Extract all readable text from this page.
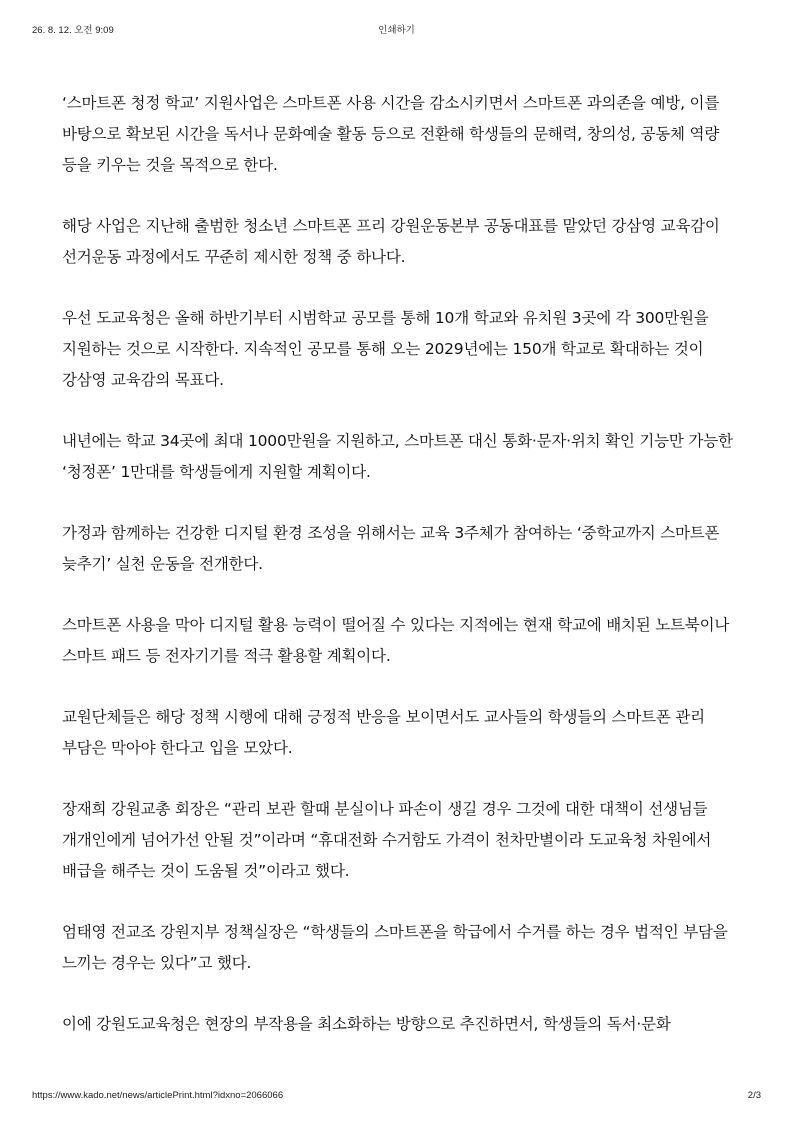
26. 8. 12. 오전 9:09	인쇄하기

‘스마트폰 청정 학교’ 지원사업은 스마트폰 사용 시간을 감소시키면서 스마트폰 과의존을 예방, 이를 바탕으로 확보된 시간을 독서나 문화예술 활동 등으로 전환해 학생들의 문해력, 창의성, 공동체 역량 등을 키우는 것을 목적으로 한다.

해당 사업은 지난해 출범한 청소년 스마트폰 프리 강원운동본부 공동대표를 맡았던 강삼영 교육감이 선거운동 과정에서도 꾸준히 제시한 정책 중 하나다.

우선 도교육청은 올해 하반기부터 시범학교 공모를 통해 10개 학교와 유치원 3곳에 각 300만원을 지원하는 것으로 시작한다. 지속적인 공모를 통해 오는 2029년에는 150개 학교로 확대하는 것이 강삼영 교육감의 목표다.

내년에는 학교 34곳에 최대 1000만원을 지원하고, 스마트폰 대신 통화·문자·위치 확인 기능만 가능한 ‘청정폰’ 1만대를 학생들에게 지원할 계획이다.

가정과 함께하는 건강한 디지털 환경 조성을 위해서는 교육 3주체가 참여하는 ‘중학교까지 스마트폰 늦추기’ 실천 운동을 전개한다.

스마트폰 사용을 막아 디지털 활용 능력이 떨어질 수 있다는 지적에는 현재 학교에 배치된 노트북이나 스마트 패드 등 전자기기를 적극 활용할 계획이다.

교원단체들은 해당 정책 시행에 대해 긍정적 반응을 보이면서도 교사들의 학생들의 스마트폰 관리 부담은 막아야 한다고 입을 모았다.

장재희 강원교총 회장은 “관리 보관 할때 분실이나 파손이 생길 경우 그것에 대한 대책이 선생님들 개개인에게 넘어가선 안될 것”이라며 “휴대전화 수거함도 가격이 천차만별이라 도교육청 차원에서 배급을 해주는 것이 도움될 것”이라고 했다.

엄태영 전교조 강원지부 정책실장은 “학생들의 스마트폰을 학급에서 수거를 하는 경우 법적인 부담을 느끼는 경우는 있다”고 했다.

이에 강원도교육청은 현장의 부작용을 최소화하는 방향으로 추진하면서, 학생들의 독서·문화

https://www.kado.net/news/articlePrint.html?idxno=2066066	2/3
